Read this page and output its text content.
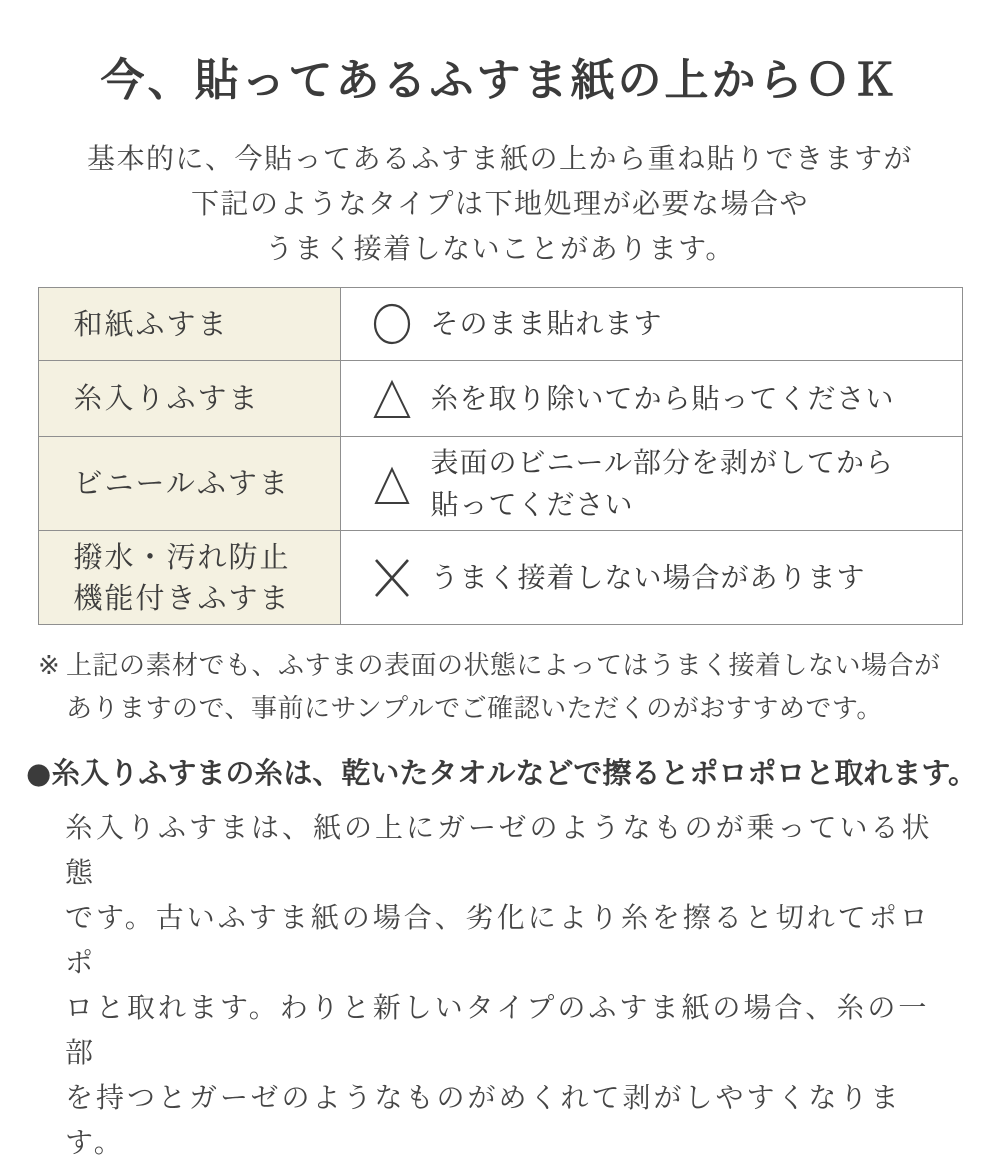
今、貼ってあるふすま紙の上からＯＫ
基本的に、今貼ってあるふすま紙の上から重ね貼りできますが
下記のようなタイプは下地処理が必要な場合や
うまく接着しないことがあります。
和紙ふすま	そのまま貼れます

糸入りふすま	糸を取り除いてから貼ってください

ビニールふすま	表面のビニール部分を剥がしてから
貼ってください

撥水・汚れ防止
機能付きふすま	うまく接着しない場合があります
※ 上記の素材でも、ふすまの表面の状態によってはうまく接着しない場合が
ありますので、事前にサンプルでご確認いただくのがおすすめです。
● 糸入りふすまの糸は、乾いたタオルなどで擦るとポロポロと取れます。
糸入りふすまは、紙の上にガーゼのようなものが乗っている状態
です。古いふすま紙の場合、劣化により糸を擦ると切れてポロポ
ロと取れます。わりと新しいタイプのふすま紙の場合、糸の一部
を持つとガーゼのようなものがめくれて剥がしやすくなります。
